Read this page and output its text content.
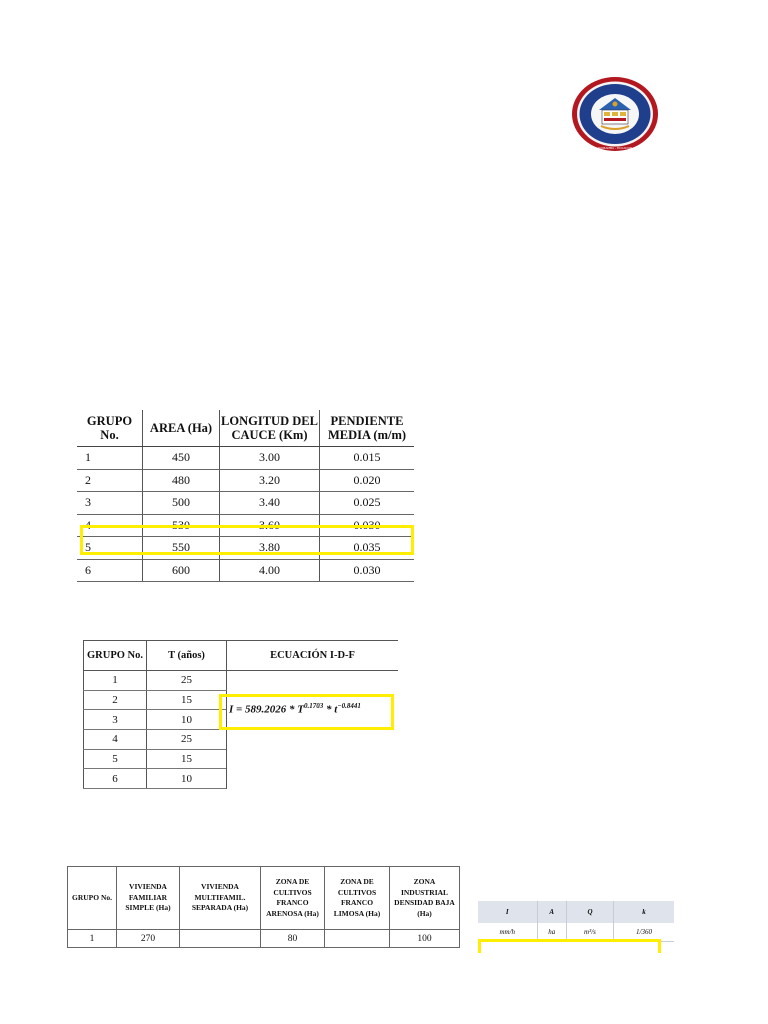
RIOBAMBA - ECUADOR
GRUPO No.	AREA (Ha)	LONGITUD DEL CAUCE (Km)	PENDIENTE MEDIA (m/m)
1	450	3.00	0.015
2	480	3.20	0.020
3	500	3.40	0.025
4	530	3.60	0.030
5	550	3.80	0.035
6	600	4.00	0.030
GRUPO No.	T (años)	ECUACIÓN I-D-F
1	25	
2	15	
3	10	
4	25	
5	15	
6	10	
$I = 589.2026 * T^{0.1703} * t^{-0.8441}$
GRUPO No.	VIVIENDA FAMILIAR SIMPLE (Ha)	VIVIENDA MULTIFAMIL. SEPARADA (Ha)	ZONA DE CULTIVOS FRANCO ARENOSA (Ha)	ZONA DE CULTIVOS FRANCO LIMOSA (Ha)	ZONA INDUSTRIAL DENSIDAD BAJA (Ha)
1	270		80		100
I	A	Q	k
mm/h	ha	m³/s	1/360
